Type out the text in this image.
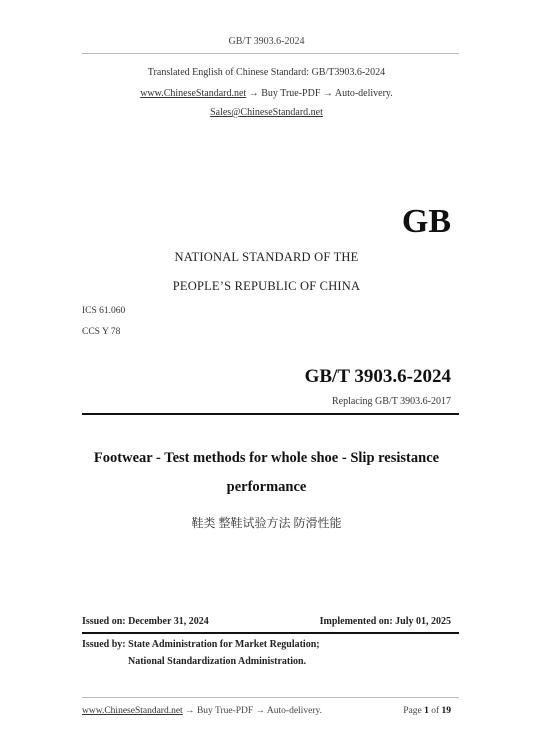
GB/T 3903.6-2024
Translated English of Chinese Standard: GB/T3903.6-2024
www.ChineseStandard.net → Buy True-PDF → Auto-delivery.
Sales@ChineseStandard.net
GB
NATIONAL STANDARD OF THE
PEOPLE’S REPUBLIC OF CHINA
ICS 61.060
CCS Y 78
GB/T 3903.6-2024
Replacing GB/T 3903.6-2017
Footwear - Test methods for whole shoe - Slip resistance
performance
鞋类 整鞋试验方法 防滑性能
Issued on: December 31, 2024	Implemented on: July 01, 2025
Issued by: State Administration for Market Regulation;
National Standardization Administration.
www.ChineseStandard.net → Buy True-PDF → Auto-delivery.	Page 1 of 19
